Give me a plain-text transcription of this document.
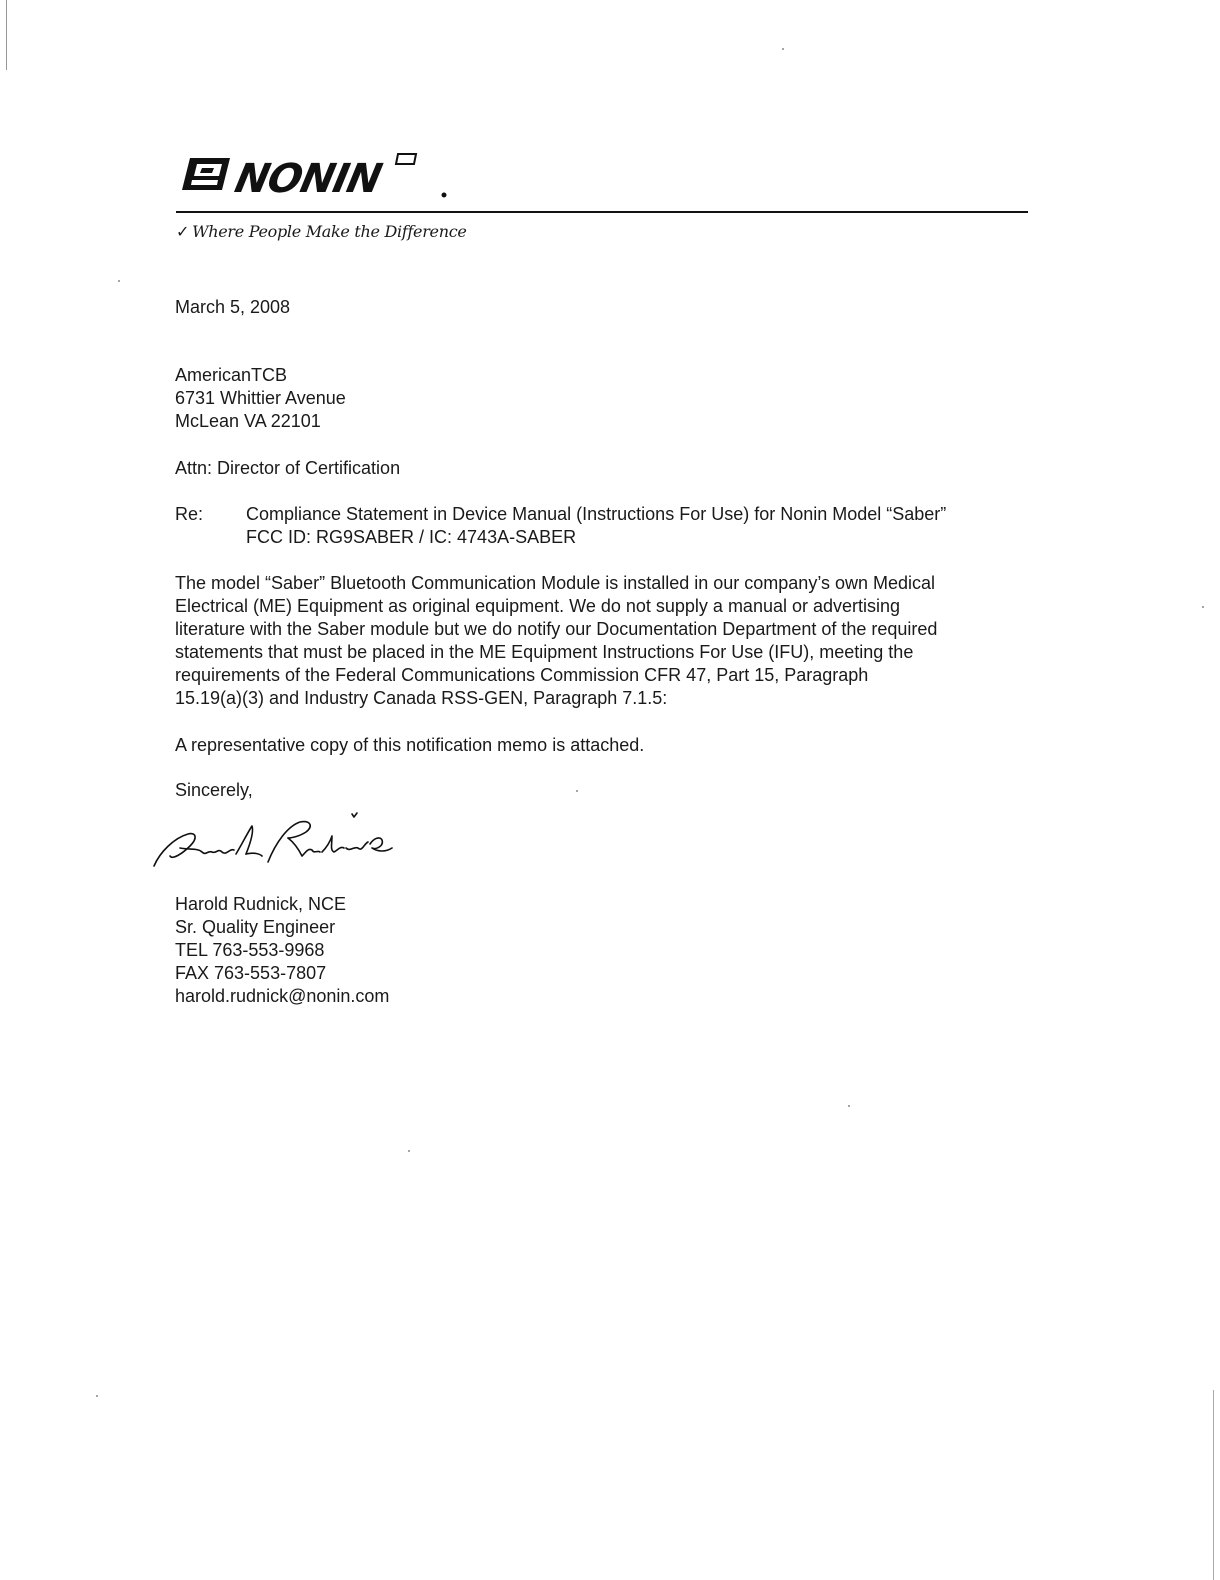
NONIN
✓ Where People Make the Difference
March 5, 2008
AmericanTCB
6731 Whittier Avenue
McLean VA 22101
Attn: Director of Certification
Re: Compliance Statement in Device Manual (Instructions For Use) for Nonin Model “Saber”
FCC ID: RG9SABER / IC: 4743A-SABER
The model “Saber” Bluetooth Communication Module is installed in our company’s own Medical
Electrical (ME) Equipment as original equipment. We do not supply a manual or advertising
literature with the Saber module but we do notify our Documentation Department of the required
statements that must be placed in the ME Equipment Instructions For Use (IFU), meeting the
requirements of the Federal Communications Commission CFR 47, Part 15, Paragraph
15.19(a)(3) and Industry Canada RSS-GEN, Paragraph 7.1.5:
A representative copy of this notification memo is attached.
Sincerely,
Harold Rudnick, NCE
Sr. Quality Engineer
TEL 763-553-9968
FAX 763-553-7807
harold.rudnick@nonin.com
